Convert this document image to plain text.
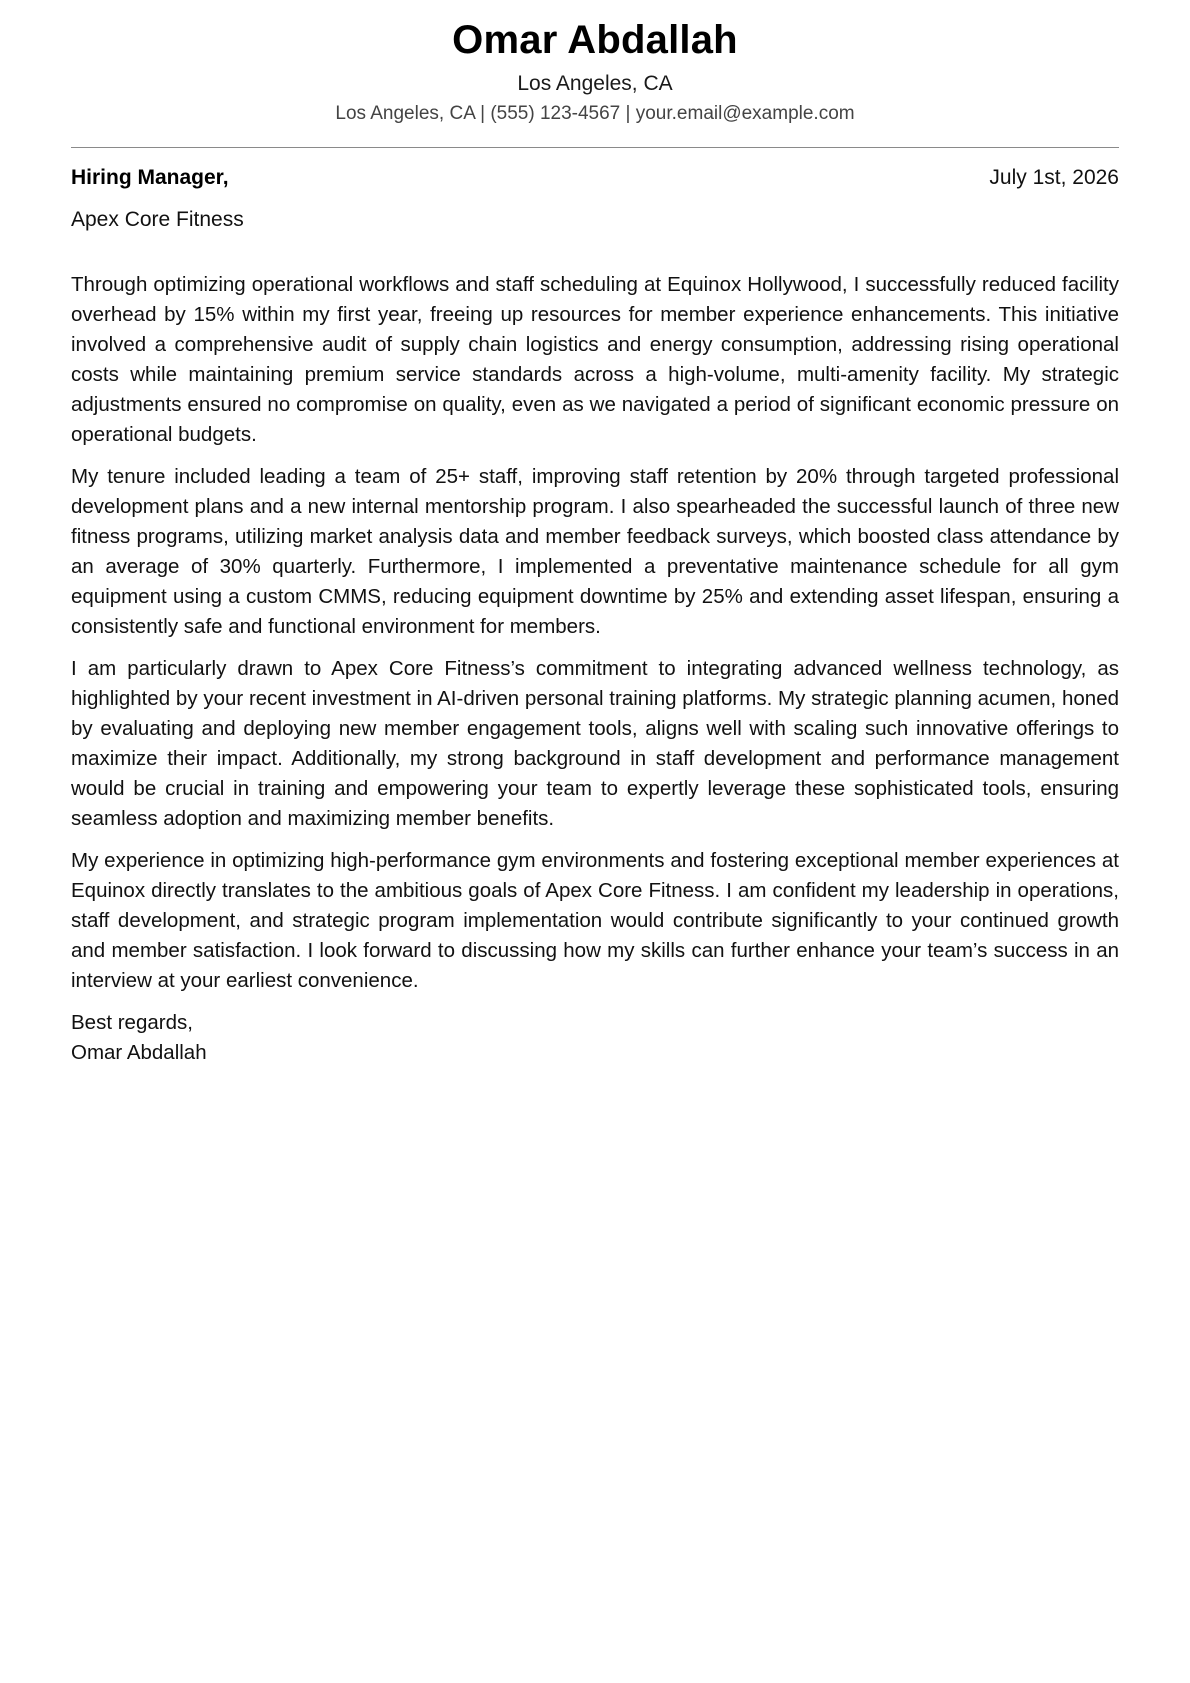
Omar Abdallah
Los Angeles, CA
Los Angeles, CA | (555) 123-4567 | your.email@example.com
Hiring Manager,	July 1st, 2026
Apex Core Fitness

Through optimizing operational workflows and staff scheduling at Equinox Hollywood, I successfully reduced facility overhead by 15% within my first year, freeing up resources for member experience enhancements. This initiative involved a comprehensive audit of supply chain logistics and energy consumption, addressing rising operational costs while maintaining premium service standards across a high-volume, multi-amenity facility. My strategic adjustments ensured no compromise on quality, even as we navigated a period of significant economic pressure on operational budgets.

My tenure included leading a team of 25+ staff, improving staff retention by 20% through targeted professional development plans and a new internal mentorship program. I also spearheaded the successful launch of three new fitness programs, utilizing market analysis data and member feedback surveys, which boosted class attendance by an average of 30% quarterly. Furthermore, I implemented a preventative maintenance schedule for all gym equipment using a custom CMMS, reducing equipment downtime by 25% and extending asset lifespan, ensuring a consistently safe and functional environment for members.

I am particularly drawn to Apex Core Fitness’s commitment to integrating advanced wellness technology, as highlighted by your recent investment in AI-driven personal training platforms. My strategic planning acumen, honed by evaluating and deploying new member engagement tools, aligns well with scaling such innovative offerings to maximize their impact. Additionally, my strong background in staff development and performance management would be crucial in training and empowering your team to expertly leverage these sophisticated tools, ensuring seamless adoption and maximizing member benefits.

My experience in optimizing high-performance gym environments and fostering exceptional member experiences at Equinox directly translates to the ambitious goals of Apex Core Fitness. I am confident my leadership in operations, staff development, and strategic program implementation would contribute significantly to your continued growth and member satisfaction. I look forward to discussing how my skills can further enhance your team’s success in an interview at your earliest convenience.

Best regards,
Omar Abdallah
